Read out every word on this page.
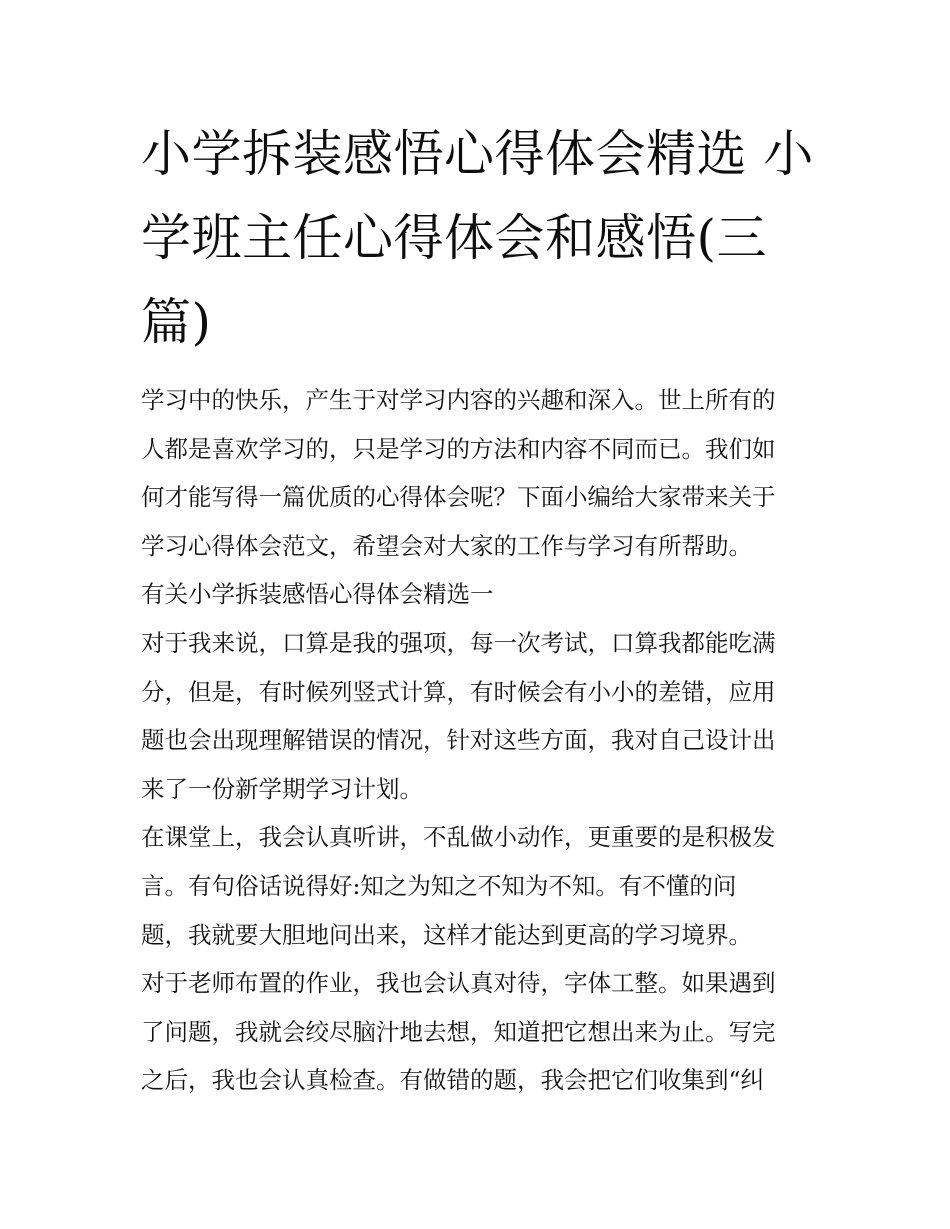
小学拆装感悟心得体会精选 小
学班主任心得体会和感悟(三
篇)

学习中的快乐，产生于对学习内容的兴趣和深入。世上所有的
人都是喜欢学习的，只是学习的方法和内容不同而已。我们如
何才能写得一篇优质的心得体会呢？下面小编给大家带来关于
学习心得体会范文，希望会对大家的工作与学习有所帮助。

有关小学拆装感悟心得体会精选一

对于我来说，口算是我的强项，每一次考试，口算我都能吃满
分，但是，有时候列竖式计算，有时候会有小小的差错，应用
题也会出现理解错误的情况，针对这些方面，我对自己设计出
来了一份新学期学习计划。

在课堂上，我会认真听讲，不乱做小动作，更重要的是积极发
言。有句俗话说得好:知之为知之不知为不知。有不懂的问
题，我就要大胆地问出来，这样才能达到更高的学习境界。

对于老师布置的作业，我也会认真对待，字体工整。如果遇到
了问题，我就会绞尽脑汁地去想，知道把它想出来为止。写完
之后，我也会认真检查。有做错的题，我会把它们收集到“纠
